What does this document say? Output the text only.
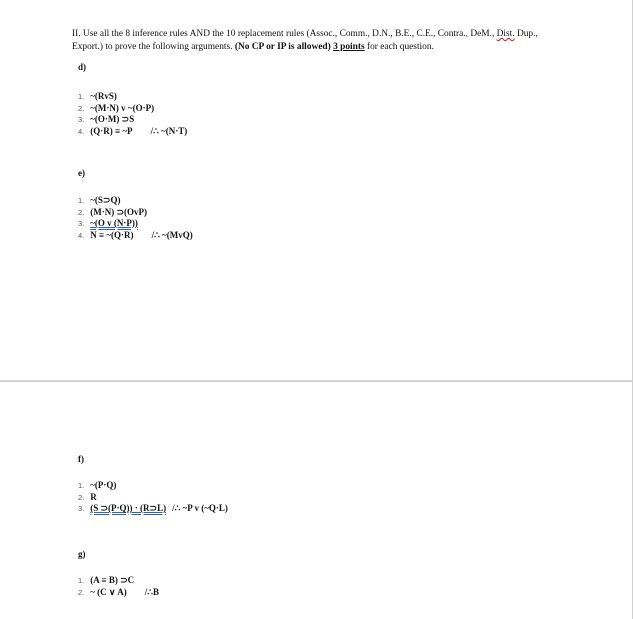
II. Use all the 8 inference rules AND the 10 replacement rules (Assoc., Comm., D.N., B.E., C.E., Contra., DeM., Dist. Dup., Export.) to prove the following arguments. (No CP or IP is allowed) 3 points for each question.
d)
1. ~(RvS)
2. ~(M·N) v ~(O·P)
3. ~(O·M) ⊃S
4. (Q·R) ≡ ~P /∴ ~(N·T)
e)
1. ~(S⊃Q)
2. (M·N) ⊃(OvP)
3. ~(O v (N·P))
4. N ≡ ~(Q·R) /∴ ~(MvQ)
f)
1. ~(P·Q)
2. R
3. (S ⊃(P·Q)) · (R⊃L) /∴ ~P v (~Q·L)
g)
1. (A ≡ B) ⊃C
2. ~ (C ∨ A) /∴B
